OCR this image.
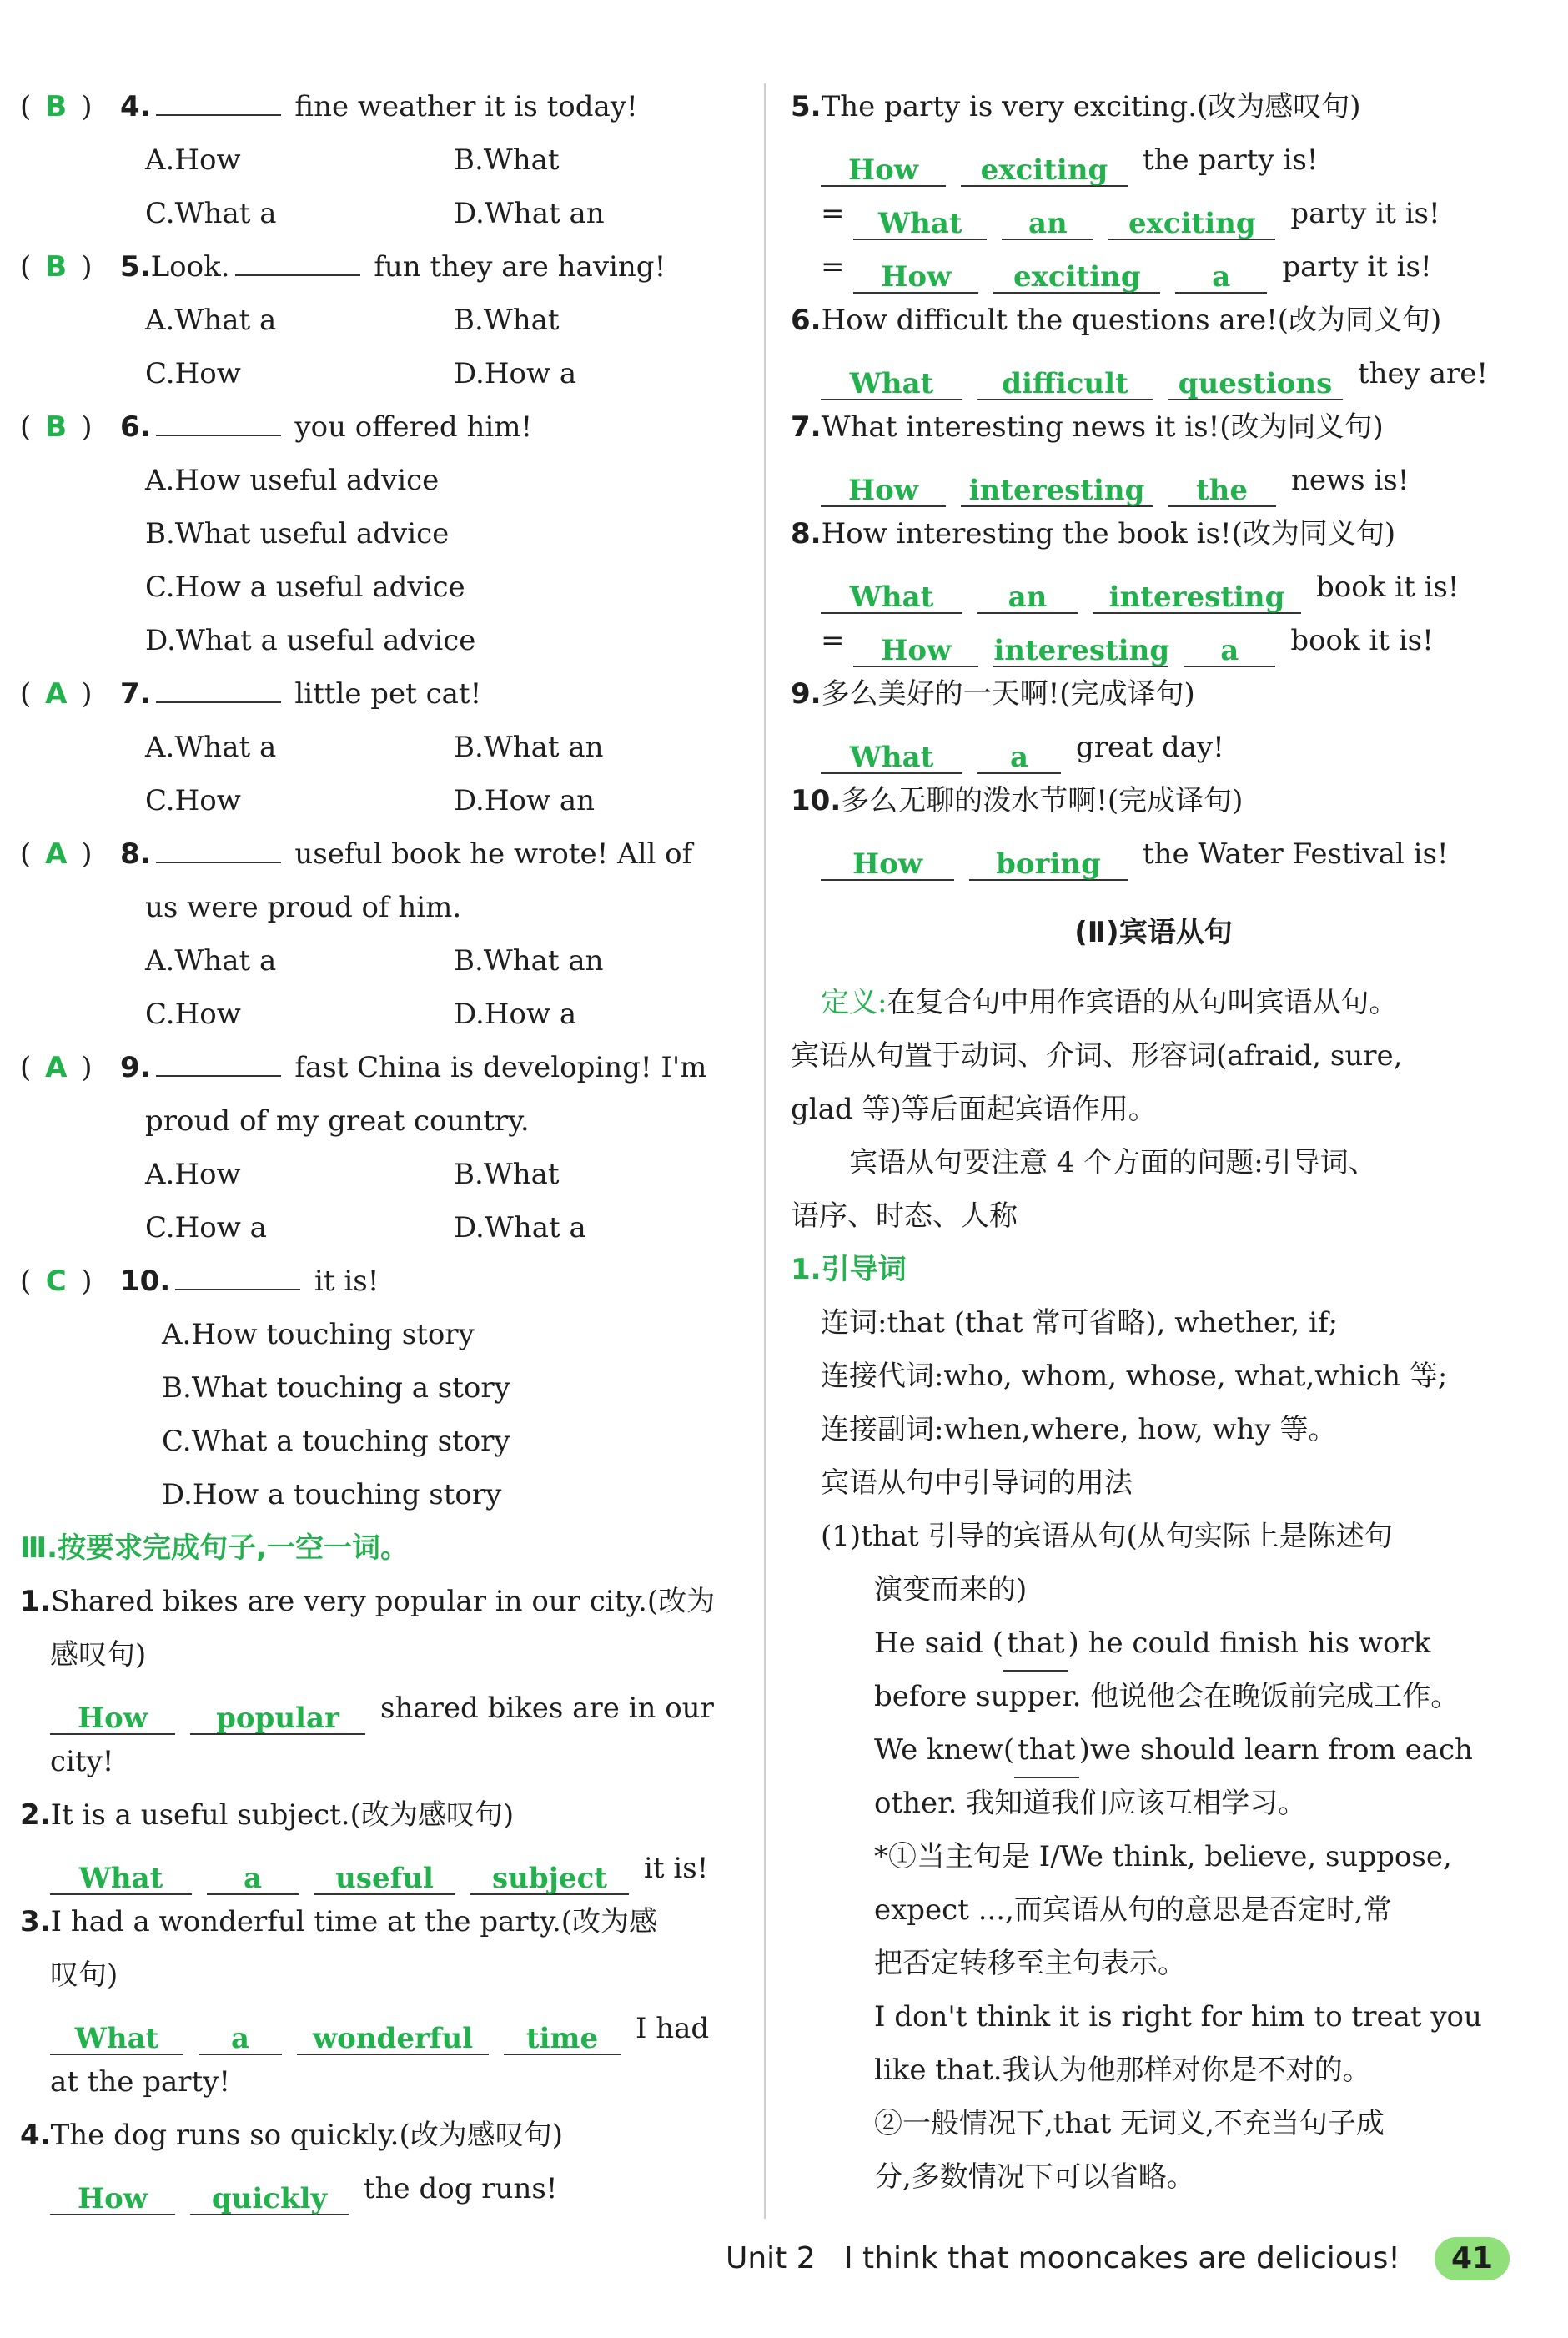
( B ) 4.	fine weather it is today!
A.How	B.What
C.What a	D.What an
( B ) 5.Look.	fun they are having!
A.What a	B.What
C.How	D.How a
( B ) 6.	you offered him!
A.How useful advice
B.What useful advice
C.How a useful advice
D.What a useful advice
( A ) 7.	little pet cat!
A.What a	B.What an
C.How	D.How an
( A ) 8.	useful book he wrote! All of
us were proud of him.
A.What a	B.What an
C.How	D.How a
( A ) 9.	fast China is developing! I'm
proud of my great country.
A.How	B.What
C.How a	D.What a
( C ) 10.	it is!
A.How touching story
B.What touching a story
C.What a touching story
D.How a touching story
Ⅲ.按要求完成句子,一空一词。
1.Shared bikes are very popular in our city.(改为
感叹句)
How popular shared bikes are in our
city!
2.It is a useful subject.(改为感叹句)
What	a	useful subject it is!
3.I had a wonderful time at the party.(改为感
叹句)
What	a wonderful time I had
at the party!
4.The dog runs so quickly.(改为感叹句)
How quickly the dog runs!
5.The party is very exciting.(改为感叹句)
How exciting the party is!
= What an exciting party it is!
= How exciting	a party it is!
6.How difficult the questions are!(改为同义句)
What difficult questions they are!
7.What interesting news it is!(改为同义句)
How interesting the news is!
8.How interesting the book is!(改为同义句)
What	an interesting book it is!
= How interesting a book it is!
9.多么美好的一天啊!(完成译句)
What	a great day!
10.多么无聊的泼水节啊!(完成译句)
How	boring the Water Festival is!
(Ⅱ)宾语从句
定义:在复合句中用作宾语的从句叫宾语从句。
宾语从句置于动词、介词、形容词(afraid, sure,
glad 等)等后面起宾语作用。
宾语从句要注意 4 个方面的问题:引导词、
语序、时态、人称
1.引导词
连词:that (that 常可省略), whether, if;
连接代词:who, whom, whose, what,which 等;
连接副词:when,where, how, why 等。
宾语从句中引导词的用法
(1)that 引导的宾语从句(从句实际上是陈述句
演变而来的)
He said ( that ) he could finish his work
before supper. 他说他会在晚饭前完成工作。
We knew( that )we should learn from each
other. 我知道我们应该互相学习。
*①当主句是 I/We think, believe, suppose,
expect ...,而宾语从句的意思是否定时,常
把否定转移至主句表示。
I don't think it is right for him to treat you
like that.我认为他那样对你是不对的。
②一般情况下,that 无词义,不充当句子成
分,多数情况下可以省略。
Unit 2 I think that mooncakes are delicious!	41
